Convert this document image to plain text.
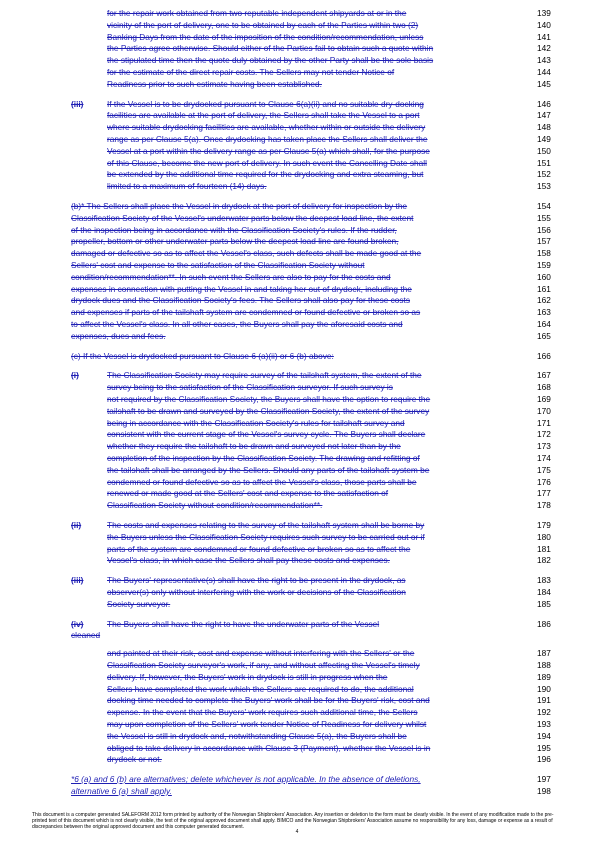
for the repair work obtained from two reputable independent shipyards at or in the	139
vicinity of the port of delivery, one to be obtained by each of the Parties within two (2)	140
Banking Days from the date of the imposition of the condition/recommendation, unless	141
the Parties agree otherwise. Should either of the Parties fail to obtain such a quote within	142
the stipulated time then the quote duly obtained by the other Party shall be the sole basis	143
for the estimate of the direct repair costs. The Sellers may not tender Notice of	144
Readiness prior to such estimate having been established.	145
(iii)	If the Vessel is to be drydocked pursuant to Clause 6(a)(ii) and no suitable dry-docking	146
facilities are available at the port of delivery, the Sellers shall take the Vessel to a port	147
where suitable drydocking facilities are available, whether within or outside the delivery	148
range as per Clause 5(a). Once drydocking has taken place the Sellers shall deliver the	149
Vessel at a port within the delivery range as per Clause 5(a) which shall, for the purpose	150
of this Clause, become the new port of delivery. In such event the Cancelling Date shall	151
be extended by the additional time required for the drydocking and extra steaming, but	152
limited to a maximum of fourteen (14) days.	153
(b)* The Sellers shall place the Vessel in drydock at the port of delivery for inspection by the	154
Classification Society of the Vessel's underwater parts below the deepest load line, the extent	155
of the inspection being in accordance with the Classification Society's rules. If the rudder,	156
propeller, bottom or other underwater parts below the deepest load line are found broken,	157
damaged or defective so as to affect the Vessel's class, such defects shall be made good at the	158
Sellers' cost and expense to the satisfaction of the Classification Society without	159
condition/recommendation**. In such event the Sellers are also to pay for the costs and	160
expenses in connection with putting the Vessel in and taking her out of drydock, including the	161
drydock dues and the Classification Society's fees. The Sellers shall also pay for these costs	162
and expenses if parts of the tailshaft system are condemned or found defective or broken so as	163
to affect the Vessel's class. In all other cases, the Buyers shall pay the aforesaid costs and	164
expenses, dues and fees.	165
(c) If the Vessel is drydocked pursuant to Clause 6 (a)(ii) or 6 (b) above:	166
(i)	The Classification Society may require survey of the tailshaft system, the extent of the	167
survey being to the satisfaction of the Classification surveyor. If such survey is	168
not required by the Classification Society, the Buyers shall have the option to require the	169
tailshaft to be drawn and surveyed by the Classification Society, the extent of the survey	170
being in accordance with the Classification Society's rules for tailshaft survey and	171
consistent with the current stage of the Vessel's survey cycle. The Buyers shall declare	172
whether they require the tailshaft to be drawn and surveyed not later than by the	173
completion of the inspection by the Classification Society. The drawing and refitting of	174
the tailshaft shall be arranged by the Sellers. Should any parts of the tailshaft system be	175
condemned or found defective so as to affect the Vessel's class, those parts shall be	176
renewed or made good at the Sellers' cost and expense to the satisfaction of	177
Classification Society without condition/recommendation**.	178
(ii)	The costs and expenses relating to the survey of the tailshaft system shall be borne by	179
the Buyers unless the Classification Society requires such survey to be carried out or if	180
parts of the system are condemned or found defective or broken so as to affect the	181
Vessel's class, in which case the Sellers shall pay these costs and expenses.	182
(iii)	The Buyers' representative(s) shall have the right to be present in the drydock, as	183
observer(s) only without interfering with the work or decisions of the Classification	184
Society surveyor.	185
(iv)	The Buyers shall have the right to have the underwater parts of the Vessel	186
cleaned
and painted at their risk, cost and expense without interfering with the Sellers' or the	187
Classification Society surveyor's work, if any, and without affecting the Vessel's timely	188
delivery. If, however, the Buyers' work in drydock is still in progress when the	189
Sellers have completed the work which the Sellers are required to do, the additional	190
docking time needed to complete the Buyers' work shall be for the Buyers' risk, cost and	191
expense. In the event that the Buyers' work requires such additional time, the Sellers	192
may upon completion of the Sellers' work tender Notice of Readiness for delivery whilst	193
the Vessel is still in drydock and, notwithstanding Clause 5(a), the Buyers shall be	194
obliged to take delivery in accordance with Clause 3 (Payment), whether the Vessel is in	195
drydock or not.	196
*6 (a) and 6 (b) are alternatives; delete whichever is not applicable. In the absence of deletions,	197
alternative 6 (a) shall apply.	198
This document is a computer generated SALEFORM 2012 form printed by authority of the Norwegian Shipbrokers' Association. Any insertion or deletion to the form must be clearly visible. In the event of any modification made to the pre-printed text of this document which is not clearly visible, the text of the original approved document shall apply. BIMCO and the Norwegian Shipbrokers' Association assume no responsibility for any loss, damage or expense as a result of discrepancies between the original approved document and this computer generated document.
4
